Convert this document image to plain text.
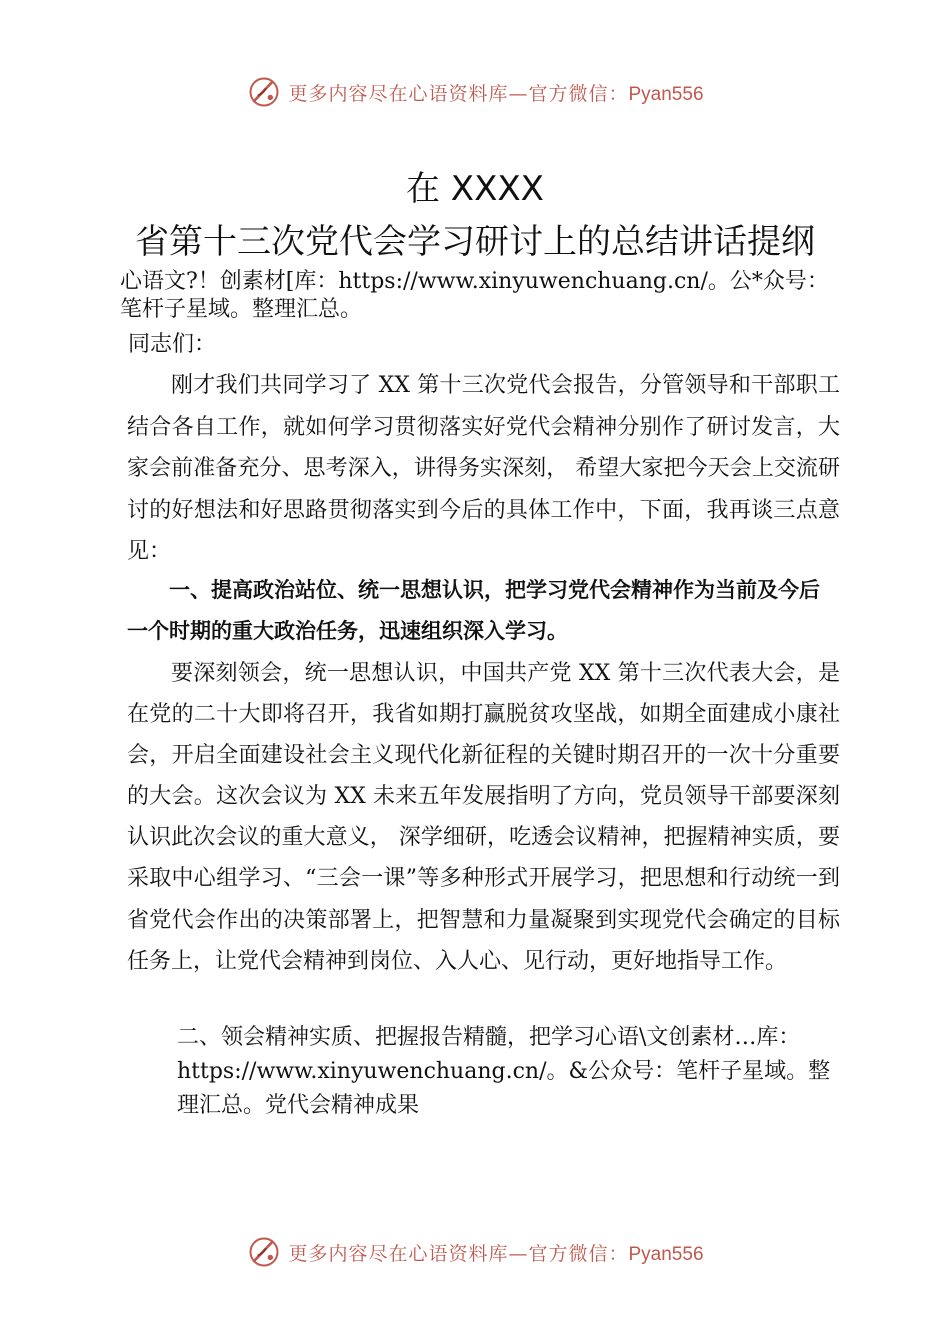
更多内容尽在心语资料库—官方微信：Pyan556
在 XXXX
省第十三次党代会学习研讨上的总结讲话提纲
心语文?！创素材[库：https://www.xinyuwenchuang.cn/。公*众号：笔杆子星域。整理汇总。
同志们：
刚才我们共同学习了 XX 第十三次党代会报告，分管领导和干部职工结合各自工作，就如何学习贯彻落实好党代会精神分别作了研讨发言，大家会前准备充分、思考深入，讲得务实深刻， 希望大家把今天会上交流研讨的好想法和好思路贯彻落实到今后的具体工作中，下面，我再谈三点意见：
一、提高政治站位、统一思想认识，把学习党代会精神作为当前及今后一个时期的重大政治任务，迅速组织深入学习。
要深刻领会，统一思想认识，中国共产党 XX 第十三次代表大会，是在党的二十大即将召开，我省如期打赢脱贫攻坚战，如期全面建成小康社会，开启全面建设社会主义现代化新征程的关键时期召开的一次十分重要的大会。这次会议为 XX 未来五年发展指明了方向，党员领导干部要深刻认识此次会议的重大意义， 深学细研，吃透会议精神，把握精神实质，要采取中心组学习、“三会一课”等多种形式开展学习，把思想和行动统一到省党代会作出的决策部署上，把智慧和力量凝聚到实现党代会确定的目标任务上，让党代会精神到岗位、入人心、见行动，更好地指导工作。
二、领会精神实质、把握报告精髓，把学习心语\文创素材…库：https://www.xinyuwenchuang.cn/。&公众号：笔杆子星域。整理汇总。党代会精神成果
更多内容尽在心语资料库—官方微信：Pyan556
